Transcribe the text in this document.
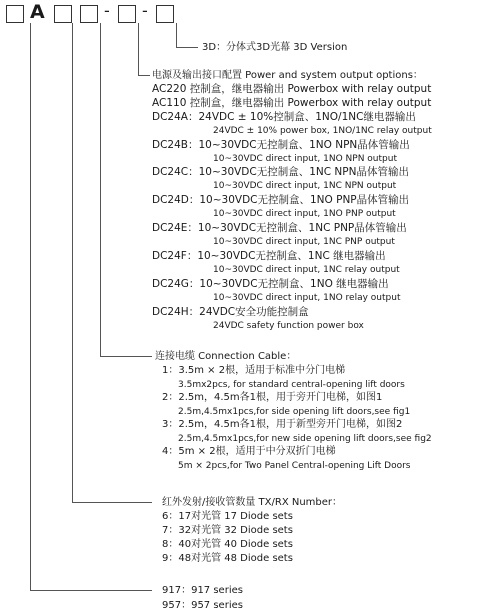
A	- -
3D：分体式3D光幕 3D Version
电源及输出接口配置 Power and system output options：
AC220 控制盒，继电器输出 Powerbox with relay output
AC110 控制盒，继电器输出 Powerbox with relay output
DC24A：24VDC ± 10%控制盒、1NO/1NC继电器输出
24VDC ± 10% power box, 1NO/1NC relay output
DC24B：10~30VDC无控制盒、1NO NPN晶体管输出
10~30VDC direct input, 1NO NPN output
DC24C：10~30VDC无控制盒、1NC NPN晶体管输出
10~30VDC direct input, 1NC NPN output
DC24D：10~30VDC无控制盒、1NO PNP晶体管输出
10~30VDC direct input, 1NO PNP output
DC24E：10~30VDC无控制盒、1NC PNP晶体管输出
10~30VDC direct input, 1NC PNP output
DC24F：10~30VDC无控制盒、1NC 继电器输出
10~30VDC direct input, 1NC relay output
DC24G：10~30VDC无控制盒、1NO 继电器输出
10~30VDC direct input, 1NO relay output
DC24H：24VDC安全功能控制盒
24VDC safety function power box
连接电缆 Connection Cable：
1：3.5m × 2根，适用于标准中分门电梯
3.5mx2pcs, for standard central-opening lift doors
2：2.5m，4.5m各1根，用于旁开门电梯，如图1
2.5m,4.5mx1pcs,for side opening lift doors,see fig1
3：2.5m，4.5m各1根，用于新型旁开门电梯，如图2
2.5m,4.5mx1pcs,for new side opening lift doors,see fig2
4：5m × 2根，适用于中分双折门电梯
5m × 2pcs,for Two Panel Central-opening Lift Doors
红外发射/接收管数量 TX/RX Number：
6：17对光管 17 Diode sets
7：32对光管 32 Diode sets
8：40对光管 40 Diode sets
9：48对光管 48 Diode sets
917：917 series
957：957 series
